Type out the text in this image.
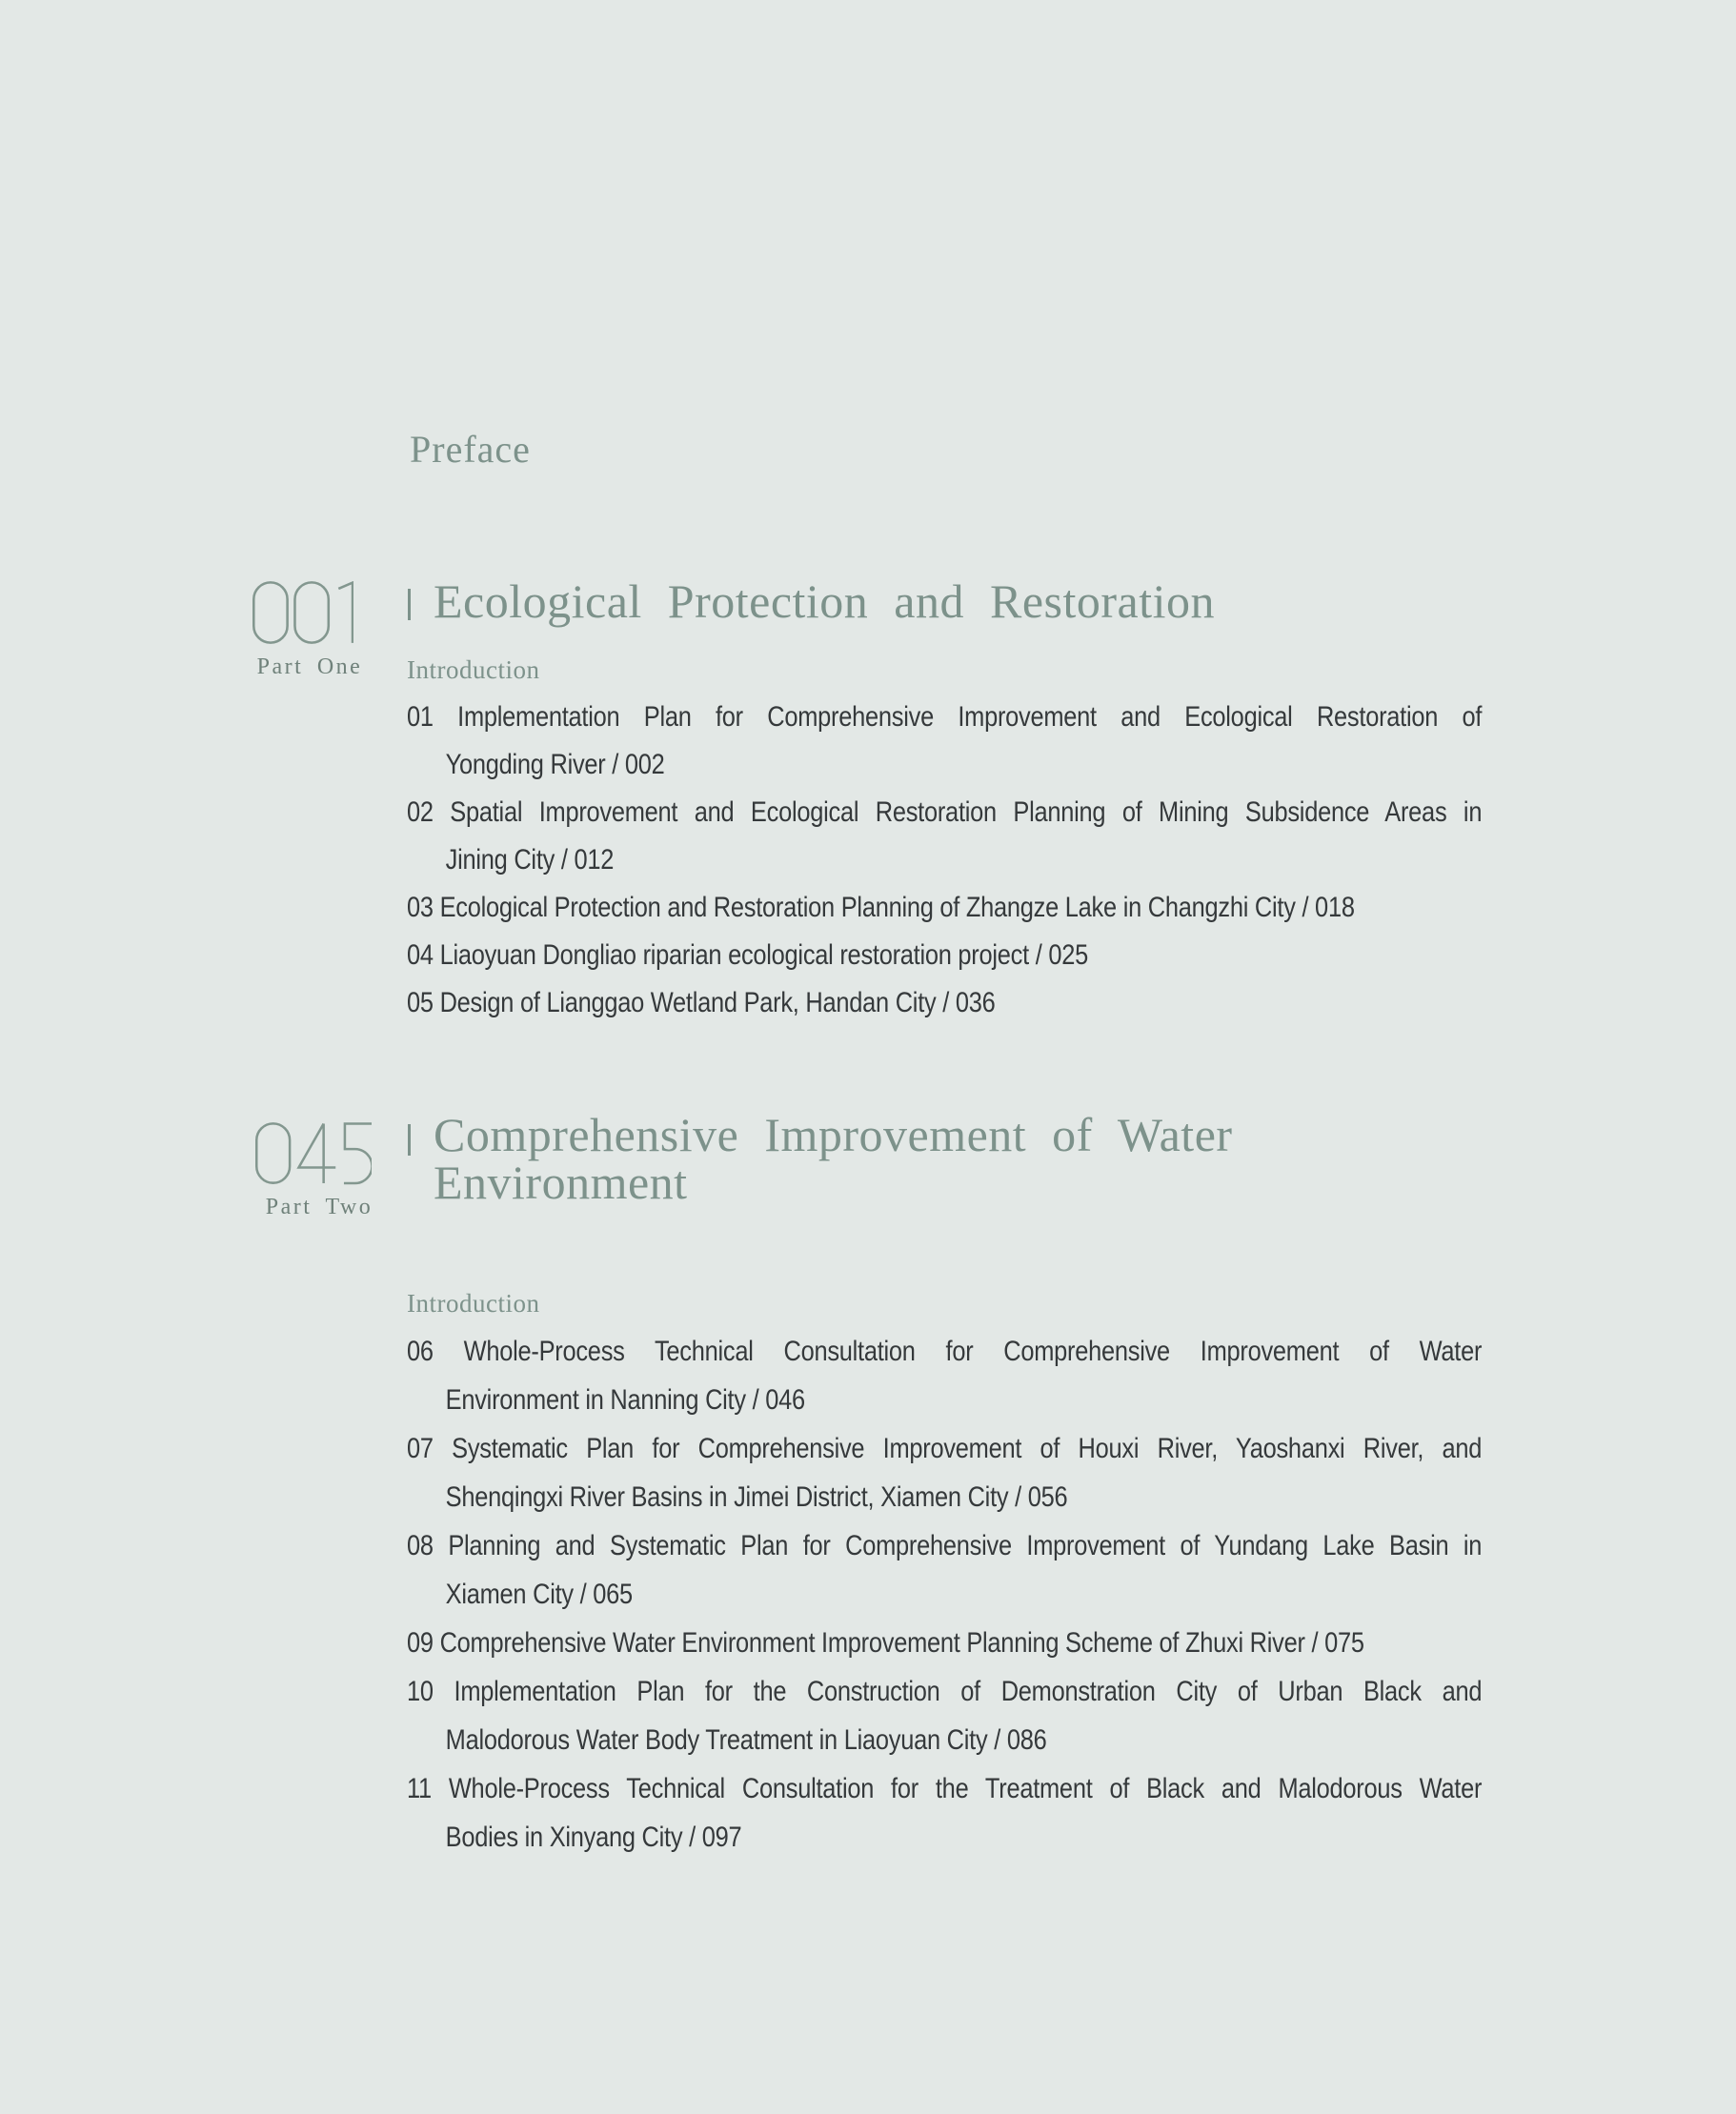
Preface
Part One
Ecological Protection and Restoration
Introduction
01 Implementation Plan for Comprehensive Improvement and Ecological Restoration of
Yongding River / 002
02 Spatial Improvement and Ecological Restoration Planning of Mining Subsidence Areas in
Jining City / 012
03 Ecological Protection and Restoration Planning of Zhangze Lake in Changzhi City / 018
04 Liaoyuan Dongliao riparian ecological restoration project / 025
05 Design of Lianggao Wetland Park, Handan City / 036
Part Two
Comprehensive Improvement of Water
Environment
Introduction
06 Whole-Process Technical Consultation for Comprehensive Improvement of Water
Environment in Nanning City / 046
07 Systematic Plan for Comprehensive Improvement of Houxi River, Yaoshanxi River, and
Shenqingxi River Basins in Jimei District, Xiamen City / 056
08 Planning and Systematic Plan for Comprehensive Improvement of Yundang Lake Basin in
Xiamen City / 065
09 Comprehensive Water Environment Improvement Planning Scheme of Zhuxi River / 075
10 Implementation Plan for the Construction of Demonstration City of Urban Black and
Malodorous Water Body Treatment in Liaoyuan City / 086
11 Whole-Process Technical Consultation for the Treatment of Black and Malodorous Water
Bodies in Xinyang City / 097
